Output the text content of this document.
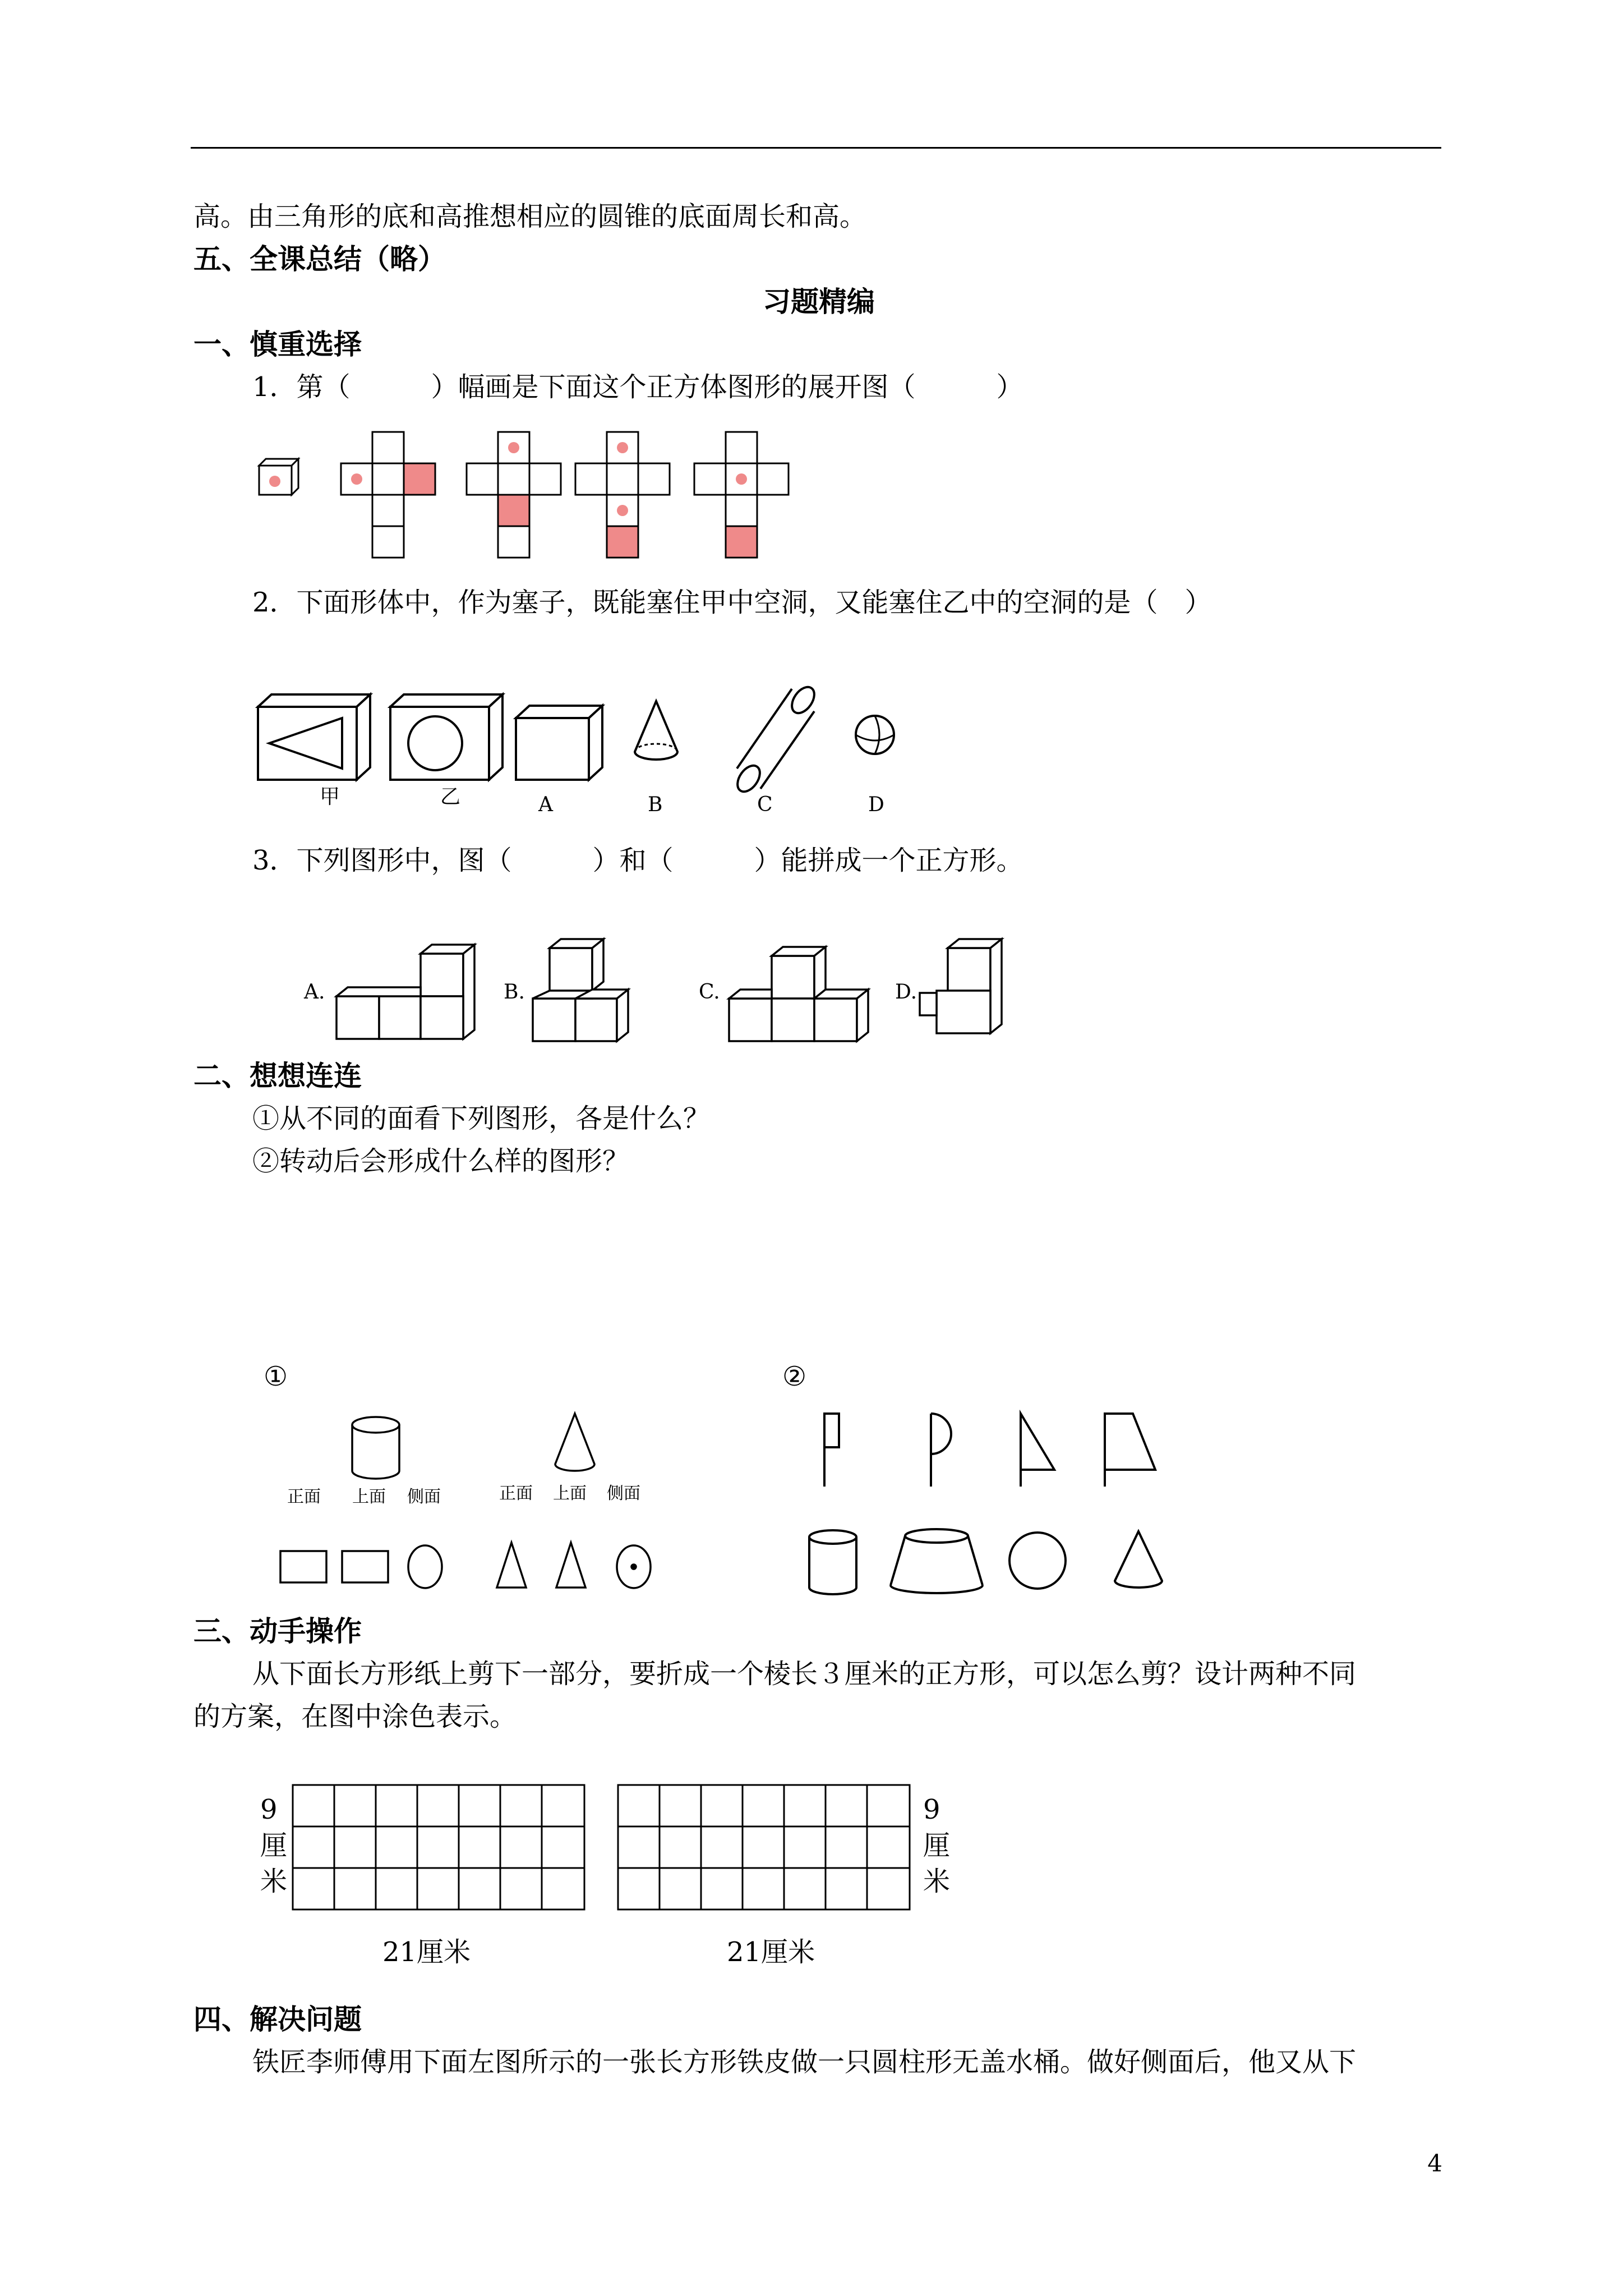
高。由三角形的底和高推想相应的圆锥的底面周长和高。
五、全课总结（略）
习题精编
一、慎重选择
1．第（　　　）幅画是下面这个正方体图形的展开图（　　　）
2．下面形体中，作为塞子，既能塞住甲中空洞，又能塞住乙中的空洞的是（　）
甲	乙	A	B	C	D
3．下列图形中，图（　　　）和（　　　）能拼成一个正方形。
A.	B.	C.	D.
二、想想连连
①从不同的面看下列图形，各是什么？
②转动后会形成什么样的图形？
①	②
正面 上面 侧面	正面 上面 侧面
三、动手操作
从下面长方形纸上剪下一部分，要折成一个棱长３厘米的正方形，可以怎么剪？设计两种不同
的方案，在图中涂色表示。
9
厘
米
9
厘
米
21厘米	21厘米
四、解决问题
铁匠李师傅用下面左图所示的一张长方形铁皮做一只圆柱形无盖水桶。做好侧面后，他又从下
4
